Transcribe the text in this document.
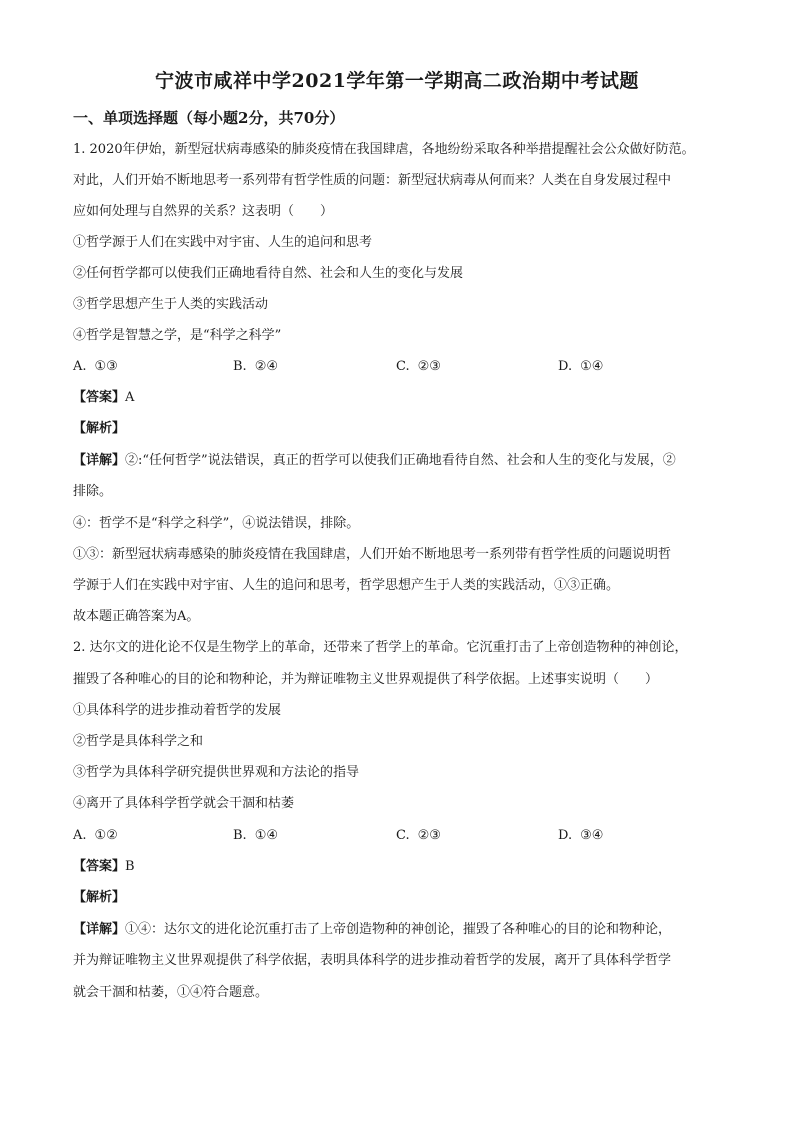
宁波市咸祥中学2021学年第一学期高二政治期中考试题
一、单项选择题（每小题2分，共70分）
1. 2020年伊始，新型冠状病毒感染的肺炎疫情在我国肆虐，各地纷纷采取各种举措提醒社会公众做好防范。
对此，人们开始不断地思考一系列带有哲学性质的问题：新型冠状病毒从何而来？人类在自身发展过程中
应如何处理与自然界的关系？这表明（　　）
①哲学源于人们在实践中对宇宙、人生的追问和思考
②任何哲学都可以使我们正确地看待自然、社会和人生的变化与发展
③哲学思想产生于人类的实践活动
④哲学是智慧之学，是“科学之科学”
A. ①③	B. ②④	C. ②③	D. ①④
【答案】A
【解析】
【详解】②:“任何哲学”说法错误，真正的哲学可以使我们正确地看待自然、社会和人生的变化与发展，②
排除。
④：哲学不是“科学之科学”，④说法错误，排除。
①③：新型冠状病毒感染的肺炎疫情在我国肆虐，人们开始不断地思考一系列带有哲学性质的问题说明哲
学源于人们在实践中对宇宙、人生的追问和思考，哲学思想产生于人类的实践活动，①③正确。
故本题正确答案为A。
2. 达尔文的进化论不仅是生物学上的革命，还带来了哲学上的革命。它沉重打击了上帝创造物种的神创论，
摧毁了各种唯心的目的论和物种论，并为辩证唯物主义世界观提供了科学依据。上述事实说明（　　）
①具体科学的进步推动着哲学的发展
②哲学是具体科学之和
③哲学为具体科学研究提供世界观和方法论的指导
④离开了具体科学哲学就会干涸和枯萎
A. ①②	B. ①④	C. ②③	D. ③④
【答案】B
【解析】
【详解】①④：达尔文的进化论沉重打击了上帝创造物种的神创论，摧毁了各种唯心的目的论和物种论，
并为辩证唯物主义世界观提供了科学依据，表明具体科学的进步推动着哲学的发展，离开了具体科学哲学
就会干涸和枯萎，①④符合题意。
